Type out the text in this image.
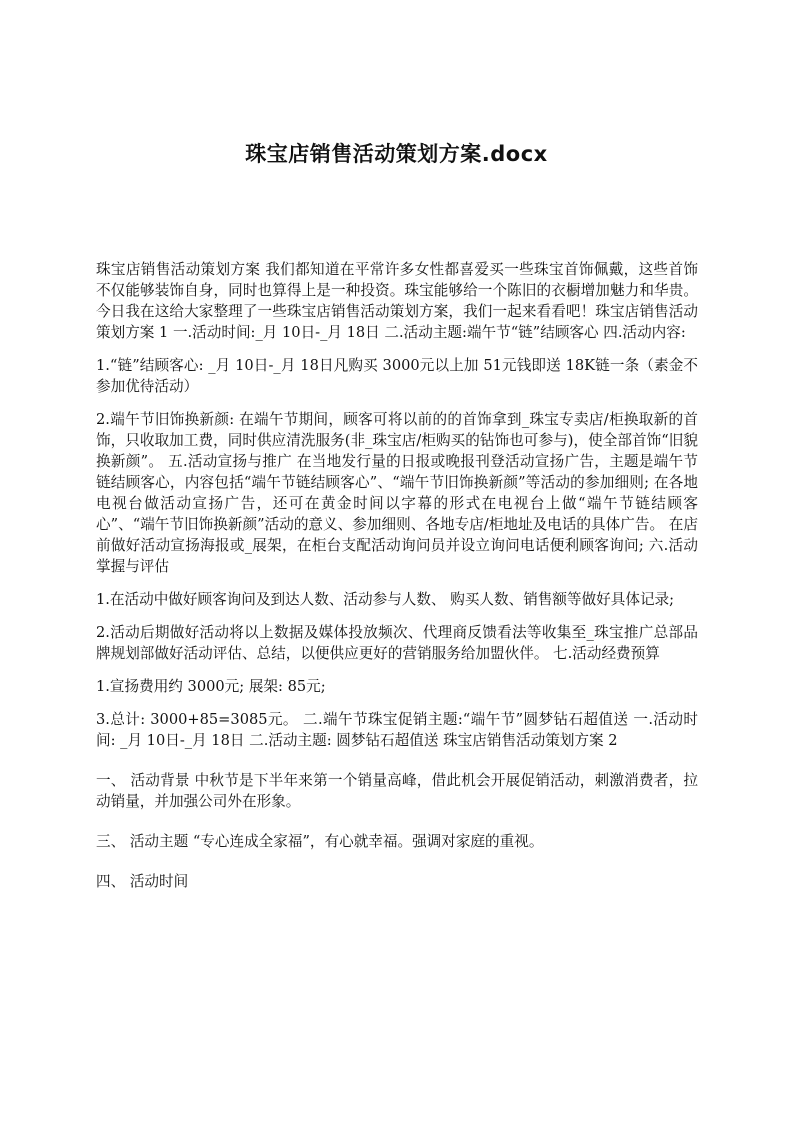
珠宝店销售活动策划方案.docx

珠宝店销售活动策划方案 我们都知道在平常许多女性都喜爱买一些珠宝首饰佩戴，这些首饰不仅能够装饰自身，同时也算得上是一种投资。珠宝能够给一个陈旧的衣橱增加魅力和华贵。今日我在这给大家整理了一些珠宝店销售活动策划方案，我们一起来看看吧！珠宝店销售活动策划方案 1 一.活动时间:_月 10日-_月 18日 二.活动主题:端午节“链”结顾客心 四.活动内容:

1.“链”结顾客心: _月 10日-_月 18日凡购买 3000元以上加 51元钱即送 18K链一条（素金不参加优待活动）

2.端午节旧饰换新颜: 在端午节期间，顾客可将以前的的首饰拿到_珠宝专卖店/柜换取新的首饰，只收取加工费，同时供应清洗服务(非_珠宝店/柜购买的钻饰也可参与)，使全部首饰“旧貌换新颜”。 五.活动宣扬与推广 在当地发行量的日报或晚报刊登活动宣扬广告，主题是端午节链结顾客心，内容包括“端午节链结顾客心”、“端午节旧饰换新颜”等活动的参加细则; 在各地电视台做活动宣扬广告，还可在黄金时间以字幕的形式在电视台上做“端午节链结顾客心”、“端午节旧饰换新颜”活动的意义、参加细则、各地专店/柜地址及电话的具体广告。 在店前做好活动宣扬海报或_展架，在柜台支配活动询问员并设立询问电话便利顾客询问; 六.活动掌握与评估

1.在活动中做好顾客询问及到达人数、活动参与人数、 购买人数、销售额等做好具体记录;

2.活动后期做好活动将以上数据及媒体投放频次、代理商反馈看法等收集至_珠宝推广总部品牌规划部做好活动评估、总结，以便供应更好的营销服务给加盟伙伴。 七.活动经费预算

1.宣扬费用约 3000元; 展架: 85元;

3.总计: 3000+85=3085元。 二.端午节珠宝促销主题:“端午节”圆梦钻石超值送 一.活动时间: _月 10日-_月 18日 二.活动主题: 圆梦钻石超值送 珠宝店销售活动策划方案 2

一、 活动背景 中秋节是下半年来第一个销量高峰，借此机会开展促销活动，刺激消费者，拉动销量，并加强公司外在形象。

三、 活动主题 “专心连成全家福”，有心就幸福。强调对家庭的重视。

四、 活动时间
